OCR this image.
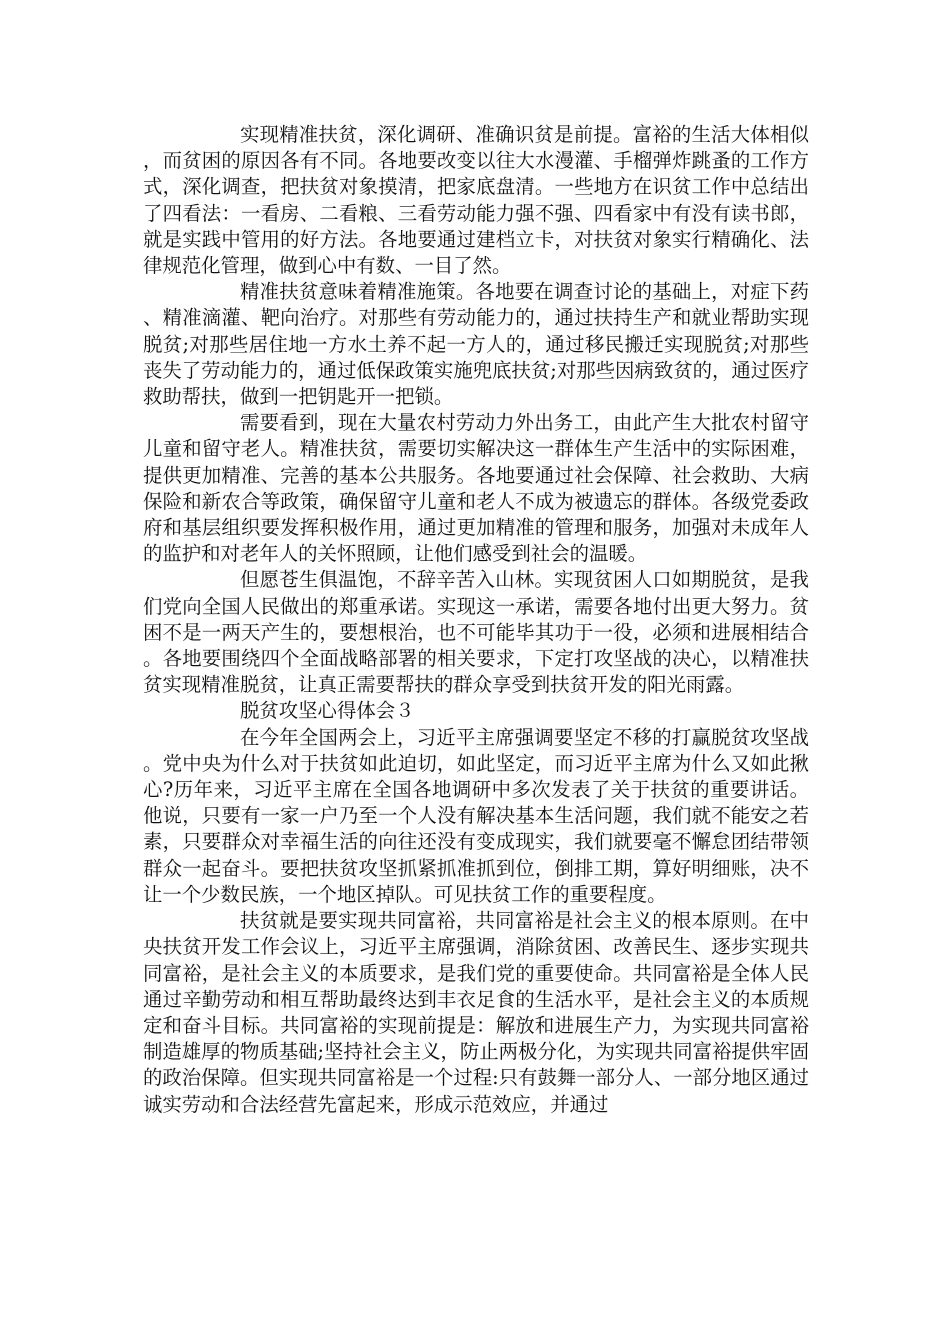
实现精准扶贫，深化调研、准确识贫是前提。富裕的生活大体相似，而贫困的原因各有不同。各地要改变以往大水漫灌、手榴弹炸跳蚤的工作方式，深化调查，把扶贫对象摸清，把家底盘清。一些地方在识贫工作中总结出了四看法：一看房、二看粮、三看劳动能力强不强、四看家中有没有读书郎，就是实践中管用的好方法。各地要通过建档立卡，对扶贫对象实行精确化、法律规范化管理，做到心中有数、一目了然。

精准扶贫意味着精准施策。各地要在调查讨论的基础上，对症下药、精准滴灌、靶向治疗。对那些有劳动能力的，通过扶持生产和就业帮助实现脱贫;对那些居住地一方水土养不起一方人的，通过移民搬迁实现脱贫;对那些丧失了劳动能力的，通过低保政策实施兜底扶贫;对那些因病致贫的，通过医疗救助帮扶，做到一把钥匙开一把锁。

需要看到，现在大量农村劳动力外出务工，由此产生大批农村留守儿童和留守老人。精准扶贫，需要切实解决这一群体生产生活中的实际困难，提供更加精准、完善的基本公共服务。各地要通过社会保障、社会救助、大病保险和新农合等政策，确保留守儿童和老人不成为被遗忘的群体。各级党委政府和基层组织要发挥积极作用，通过更加精准的管理和服务，加强对未成年人的监护和对老年人的关怀照顾，让他们感受到社会的温暖。

但愿苍生俱温饱，不辞辛苦入山林。实现贫困人口如期脱贫，是我们党向全国人民做出的郑重承诺。实现这一承诺，需要各地付出更大努力。贫困不是一两天产生的，要想根治，也不可能毕其功于一役，必须和进展相结合。各地要围绕四个全面战略部署的相关要求，下定打攻坚战的决心，以精准扶贫实现精准脱贫，让真正需要帮扶的群众享受到扶贫开发的阳光雨露。

脱贫攻坚心得体会３

在今年全国两会上，习近平主席强调要坚定不移的打赢脱贫攻坚战。党中央为什么对于扶贫如此迫切，如此坚定，而习近平主席为什么又如此揪心?历年来，习近平主席在全国各地调研中多次发表了关于扶贫的重要讲话。他说，只要有一家一户乃至一个人没有解决基本生活问题，我们就不能安之若素，只要群众对幸福生活的向往还没有变成现实，我们就要毫不懈怠团结带领群众一起奋斗。要把扶贫攻坚抓紧抓准抓到位，倒排工期，算好明细账，决不让一个少数民族，一个地区掉队。可见扶贫工作的重要程度。

扶贫就是要实现共同富裕，共同富裕是社会主义的根本原则。在中央扶贫开发工作会议上，习近平主席强调，消除贫困、改善民生、逐步实现共同富裕，是社会主义的本质要求，是我们党的重要使命。共同富裕是全体人民通过辛勤劳动和相互帮助最终达到丰衣足食的生活水平，是社会主义的本质规定和奋斗目标。共同富裕的实现前提是：解放和进展生产力，为实现共同富裕制造雄厚的物质基础;坚持社会主义，防止两极分化，为实现共同富裕提供牢固的政治保障。但实现共同富裕是一个过程:只有鼓舞一部分人、一部分地区通过诚实劳动和合法经营先富起来，形成示范效应，并通过
